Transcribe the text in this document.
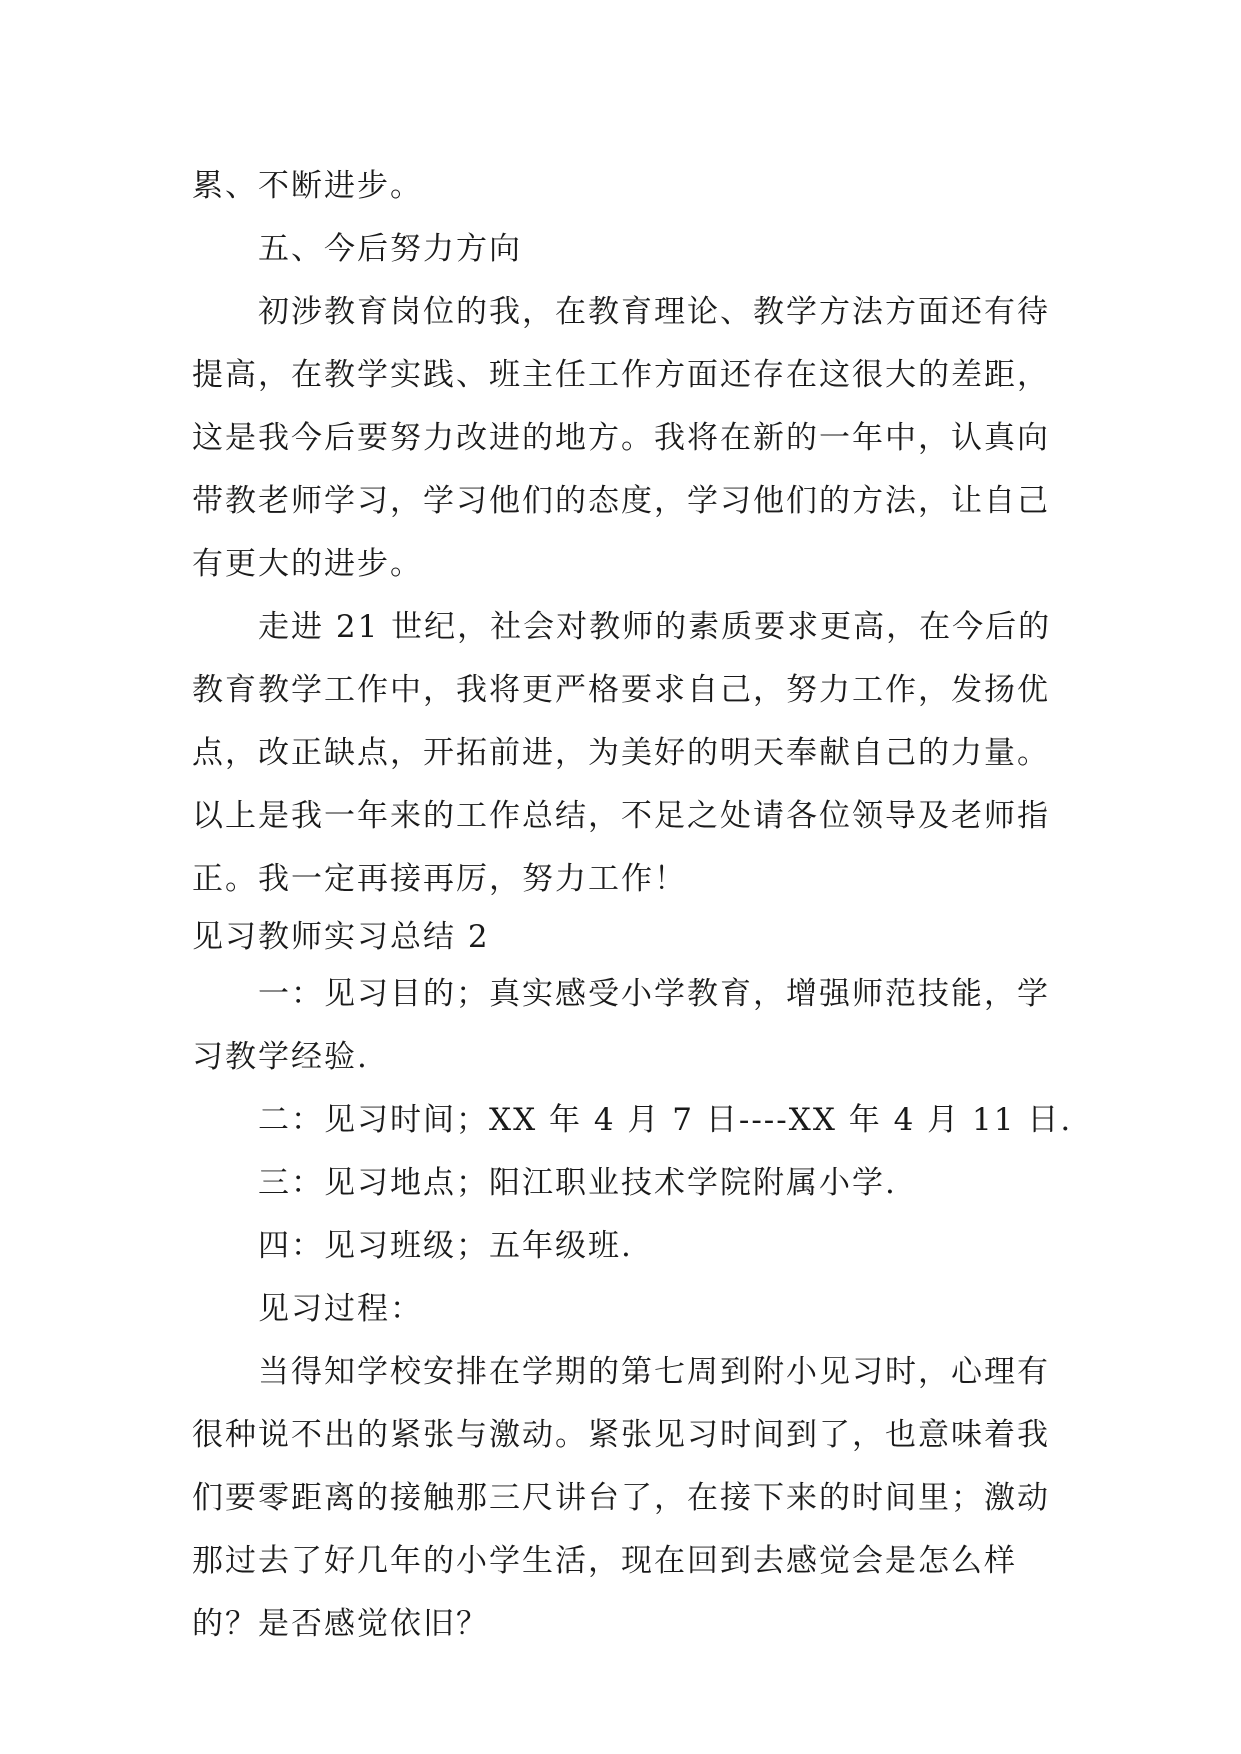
累、不断进步。
五、今后努力方向
初涉教育岗位的我，在教育理论、教学方法方面还有待
提高，在教学实践、班主任工作方面还存在这很大的差距，
这是我今后要努力改进的地方。我将在新的一年中，认真向
带教老师学习，学习他们的态度，学习他们的方法，让自己
有更大的进步。
走进 21 世纪，社会对教师的素质要求更高，在今后的
教育教学工作中，我将更严格要求自己，努力工作，发扬优
点，改正缺点，开拓前进，为美好的明天奉献自己的力量。
以上是我一年来的工作总结，不足之处请各位领导及老师指
正。我一定再接再厉，努力工作！
见习教师实习总结 2
一：见习目的；真实感受小学教育，增强师范技能，学
习教学经验.
二：见习时间；XX 年 4 月 7 日----XX 年 4 月 11 日.
三：见习地点；阳江职业技术学院附属小学.
四：见习班级；五年级班.
见习过程：
当得知学校安排在学期的第七周到附小见习时，心理有
很种说不出的紧张与激动。紧张见习时间到了，也意味着我
们要零距离的接触那三尺讲台了，在接下来的时间里；激动
那过去了好几年的小学生活，现在回到去感觉会是怎么样
的？是否感觉依旧？
